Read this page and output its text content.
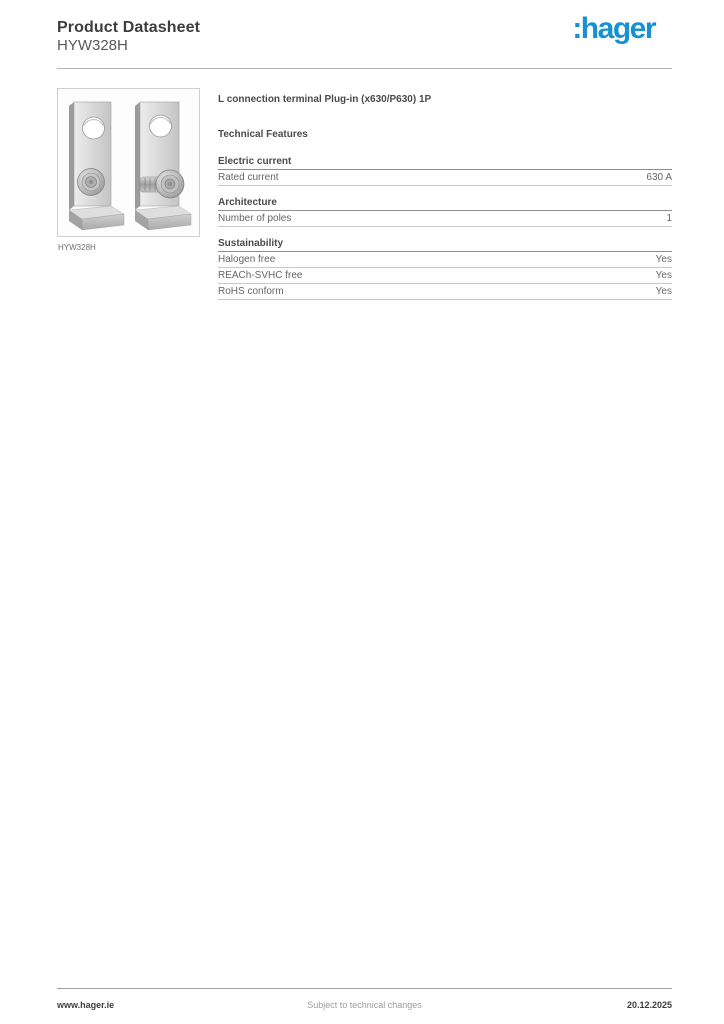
Product Datasheet
HYW328H
:hager
HYW328H
L connection terminal Plug-in (x630/P630) 1P
Technical Features
Electric current
Rated current	630 A
Architecture
Number of poles	1
Sustainability
Halogen free	Yes
REACh-SVHC free	Yes
RoHS conform	Yes
www.hager.ie	Subject to technical changes	20.12.2025
